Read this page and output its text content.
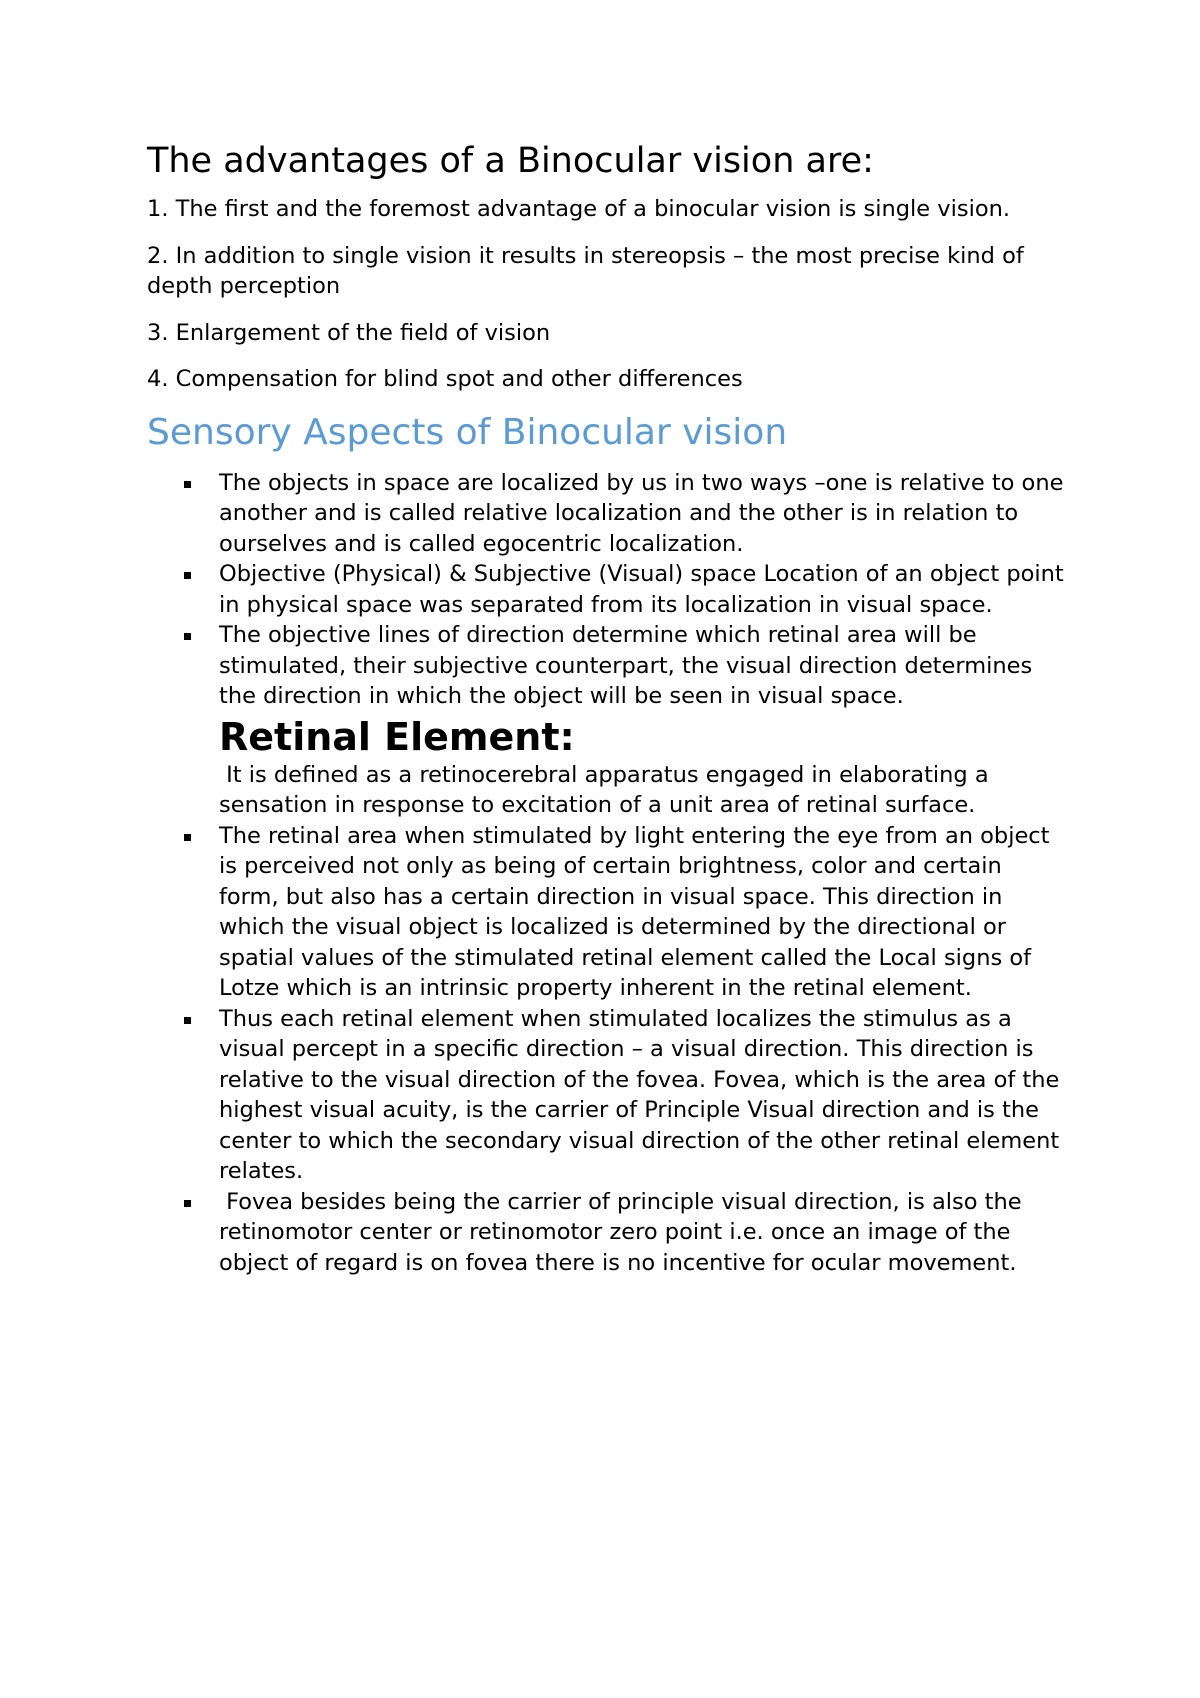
The advantages of a Binocular vision are:

1. The first and the foremost advantage of a binocular vision is single vision.

2. In addition to single vision it results in stereopsis – the most precise kind of depth perception

3. Enlargement of the field of vision

4. Compensation for blind spot and other differences

Sensory Aspects of Binocular vision
The objects in space are localized by us in two ways –one is relative to one another and is called relative localization and the other is in relation to ourselves and is called egocentric localization.
Objective (Physical) & Subjective (Visual) space Location of an object point in physical space was separated from its localization in visual space.
The objective lines of direction determine which retinal area will be stimulated, their subjective counterpart, the visual direction determines the direction in which the object will be seen in visual space.
Retinal Element:

It is defined as a retinocerebral apparatus engaged in elaborating a sensation in response to excitation of a unit area of retinal surface.

The retinal area when stimulated by light entering the eye from an object is perceived not only as being of certain brightness, color and certain form, but also has a certain direction in visual space. This direction in which the visual object is localized is determined by the directional or spatial values of the stimulated retinal element called the Local signs of Lotze which is an intrinsic property inherent in the retinal element.
Thus each retinal element when stimulated localizes the stimulus as a visual percept in a specific direction – a visual direction. This direction is relative to the visual direction of the fovea. Fovea, which is the area of the highest visual acuity, is the carrier of Principle Visual direction and is the center to which the secondary visual direction of the other retinal element relates.
Fovea besides being the carrier of principle visual direction, is also the retinomotor center or retinomotor zero point i.e. once an image of the object of regard is on fovea there is no incentive for ocular movement.
